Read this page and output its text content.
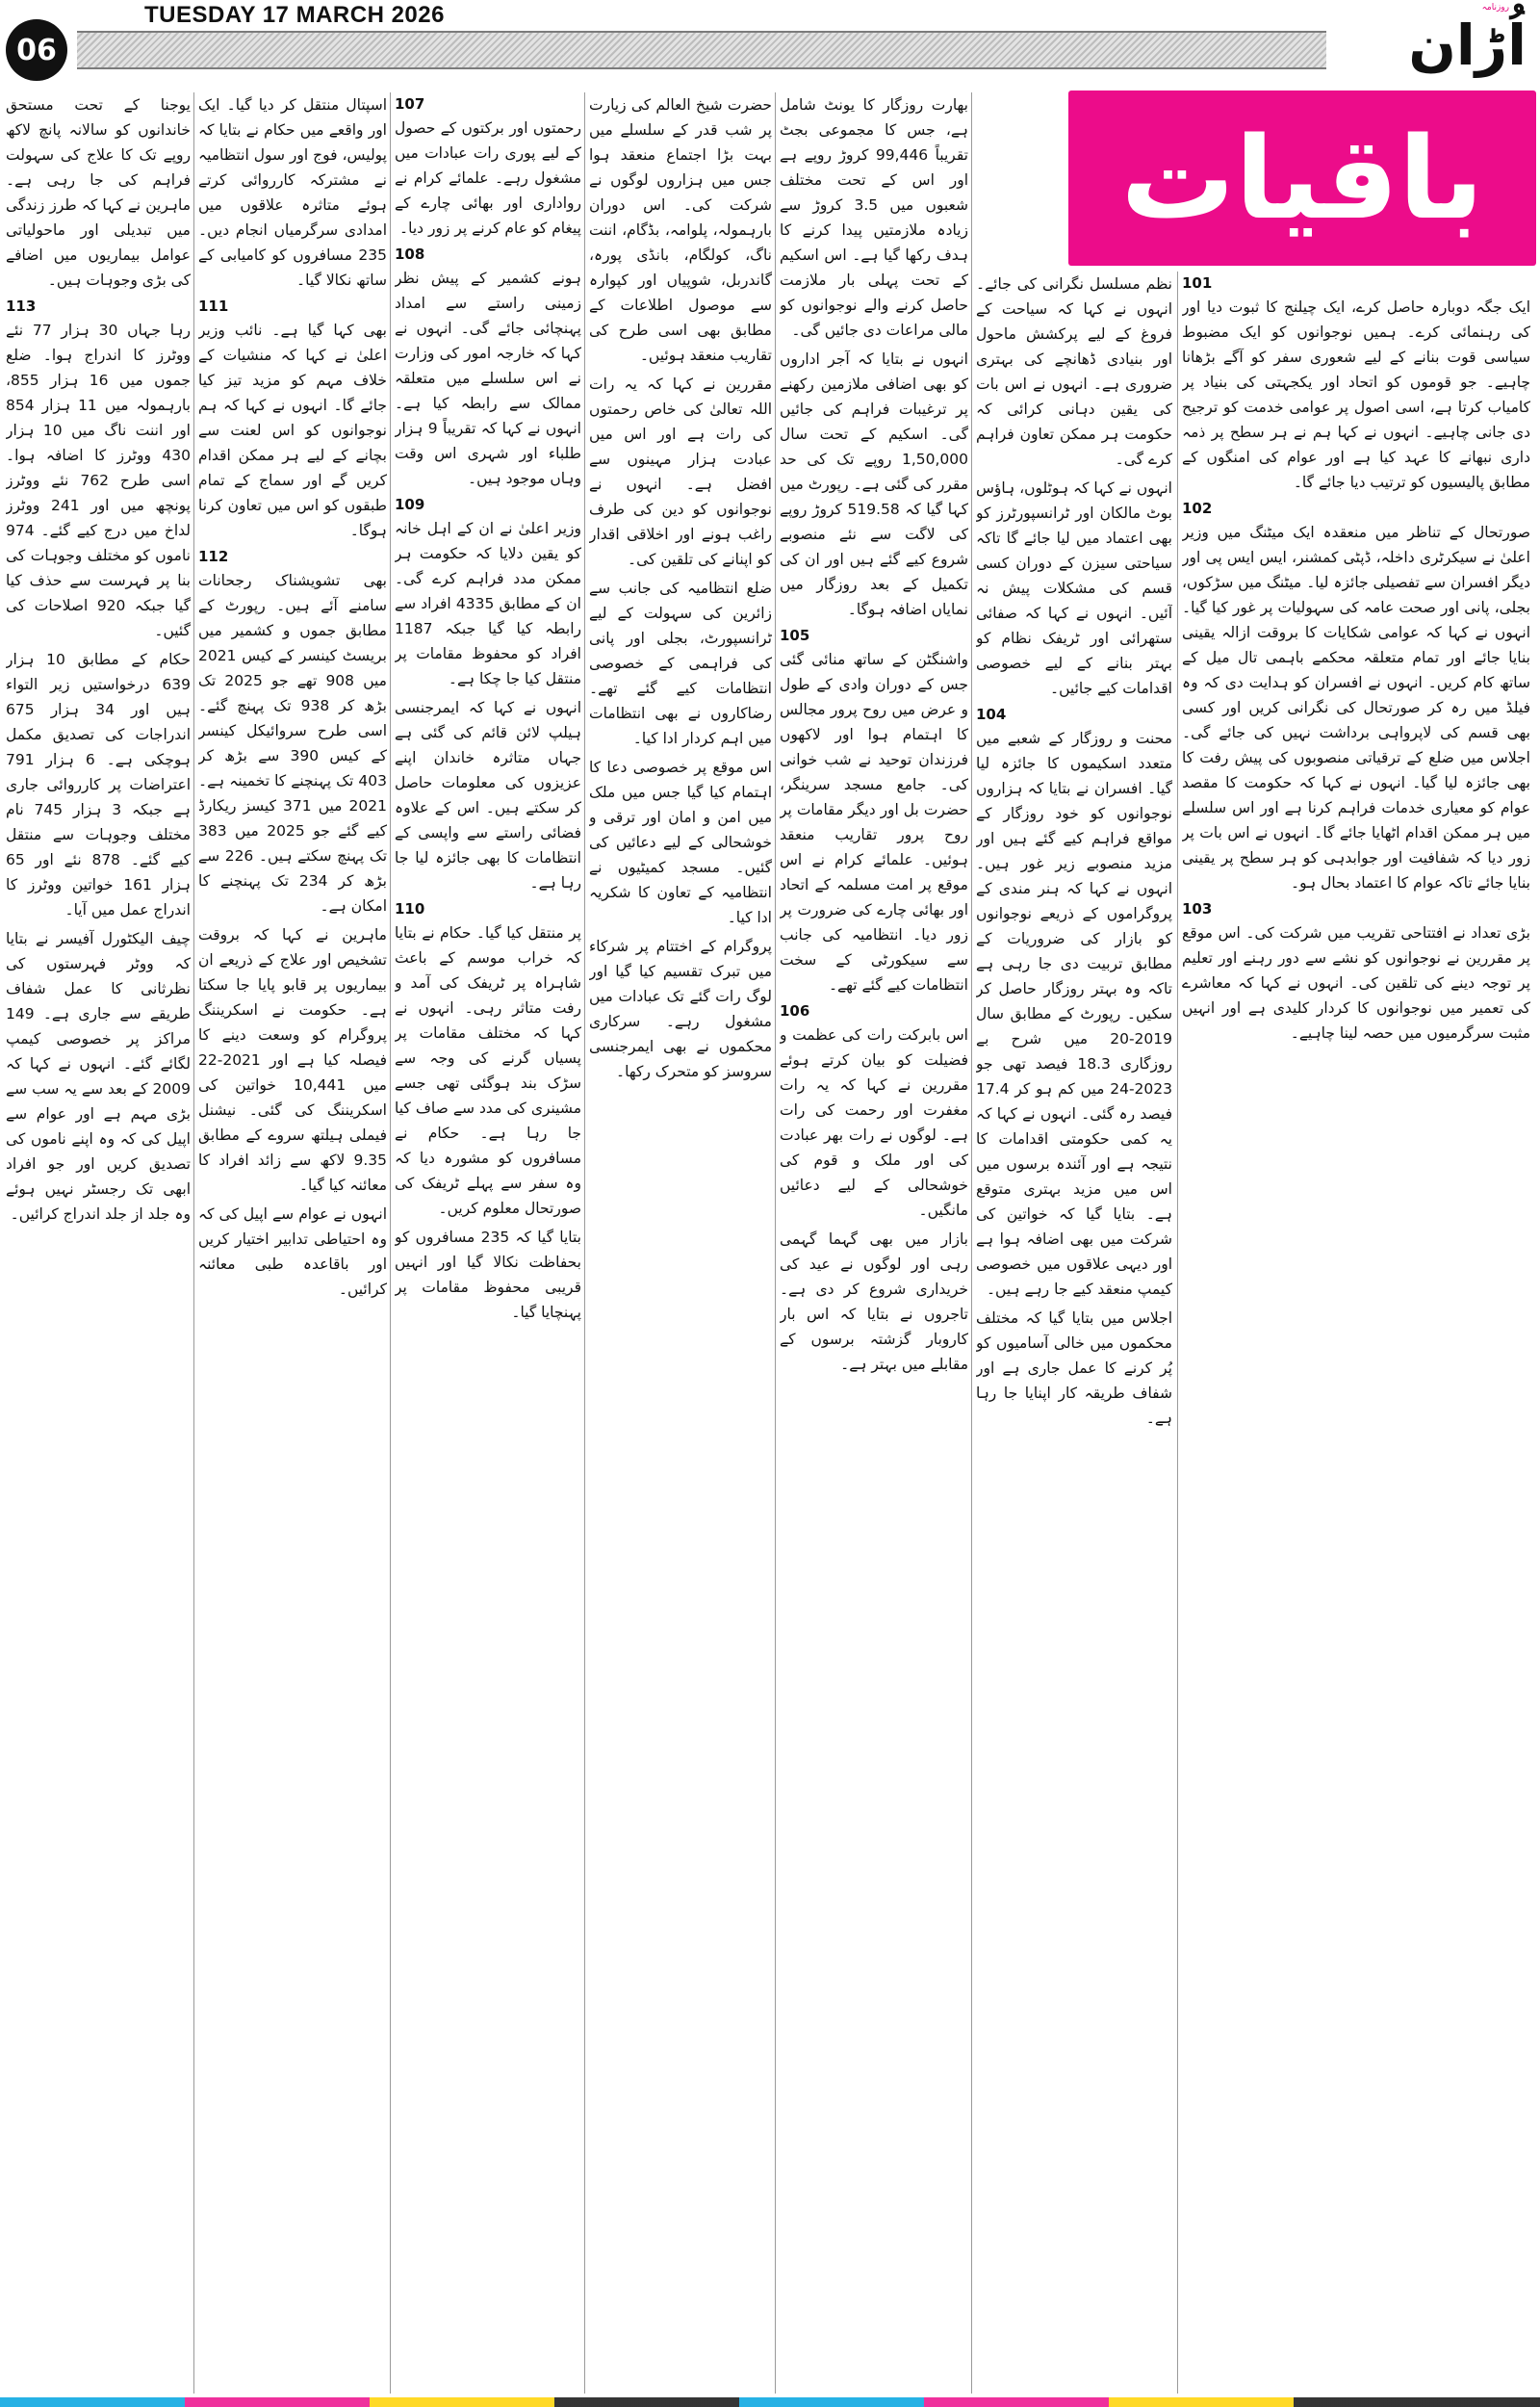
06
TUESDAY 17 MARCH 2026	روزنامہ
اُڑان
باقیات
101

ایک جگہ دوبارہ حاصل کرے، ایک چیلنج کا ثبوت دیا اور کی رہنمائی کرے۔ ہمیں نوجوانوں کو ایک مضبوط سیاسی قوت بنانے کے لیے شعوری سفر کو آگے بڑھانا چاہیے۔ جو قوموں کو اتحاد اور یکجہتی کی بنیاد پر کامیاب کرتا ہے، اسی اصول پر عوامی خدمت کو ترجیح دی جانی چاہیے۔ انہوں نے کہا ہم نے ہر سطح پر ذمہ داری نبھانے کا عہد کیا ہے اور عوام کی امنگوں کے مطابق پالیسیوں کو ترتیب دیا جائے گا۔

102

صورتحال کے تناظر میں منعقدہ ایک میٹنگ میں وزیر اعلیٰ نے سیکرٹری داخلہ، ڈپٹی کمشنر، ایس ایس پی اور دیگر افسران سے تفصیلی جائزہ لیا۔ میٹنگ میں سڑکوں، بجلی، پانی اور صحت عامہ کی سہولیات پر غور کیا گیا۔ انہوں نے کہا کہ عوامی شکایات کا بروقت ازالہ یقینی بنایا جائے اور تمام متعلقہ محکمے باہمی تال میل کے ساتھ کام کریں۔ انہوں نے افسران کو ہدایت دی کہ وہ فیلڈ میں رہ کر صورتحال کی نگرانی کریں اور کسی بھی قسم کی لاپرواہی برداشت نہیں کی جائے گی۔ اجلاس میں ضلع کے ترقیاتی منصوبوں کی پیش رفت کا بھی جائزہ لیا گیا۔ انہوں نے کہا کہ حکومت کا مقصد عوام کو معیاری خدمات فراہم کرنا ہے اور اس سلسلے میں ہر ممکن اقدام اٹھایا جائے گا۔ انہوں نے اس بات پر زور دیا کہ شفافیت اور جوابدہی کو ہر سطح پر یقینی بنایا جائے تاکہ عوام کا اعتماد بحال ہو۔

103

بڑی تعداد نے افتتاحی تقریب میں شرکت کی۔ اس موقع پر مقررین نے نوجوانوں کو نشے سے دور رہنے اور تعلیم پر توجہ دینے کی تلقین کی۔ انہوں نے کہا کہ معاشرے کی تعمیر میں نوجوانوں کا کردار کلیدی ہے اور انہیں مثبت سرگرمیوں میں حصہ لینا چاہیے۔

نظم مسلسل نگرانی کی جائے۔ انہوں نے کہا کہ سیاحت کے فروغ کے لیے پرکشش ماحول اور بنیادی ڈھانچے کی بہتری ضروری ہے۔ انہوں نے اس بات کی یقین دہانی کرائی کہ حکومت ہر ممکن تعاون فراہم کرے گی۔

انہوں نے کہا کہ ہوٹلوں، ہاؤس بوٹ مالکان اور ٹرانسپورٹرز کو بھی اعتماد میں لیا جائے گا تاکہ سیاحتی سیزن کے دوران کسی قسم کی مشکلات پیش نہ آئیں۔ انہوں نے کہا کہ صفائی ستھرائی اور ٹریفک نظام کو بہتر بنانے کے لیے خصوصی اقدامات کیے جائیں۔

104

محنت و روزگار کے شعبے میں متعدد اسکیموں کا جائزہ لیا گیا۔ افسران نے بتایا کہ ہزاروں نوجوانوں کو خود روزگار کے مواقع فراہم کیے گئے ہیں اور مزید منصوبے زیر غور ہیں۔ انہوں نے کہا کہ ہنر مندی کے پروگراموں کے ذریعے نوجوانوں کو بازار کی ضروریات کے مطابق تربیت دی جا رہی ہے تاکہ وہ بہتر روزگار حاصل کر سکیں۔ رپورٹ کے مطابق سال 2019-20 میں شرح بے روزگاری 18.3 فیصد تھی جو 2023-24 میں کم ہو کر 17.4 فیصد رہ گئی۔ انہوں نے کہا کہ یہ کمی حکومتی اقدامات کا نتیجہ ہے اور آئندہ برسوں میں اس میں مزید بہتری متوقع ہے۔ بتایا گیا کہ خواتین کی شرکت میں بھی اضافہ ہوا ہے اور دیہی علاقوں میں خصوصی کیمپ منعقد کیے جا رہے ہیں۔

اجلاس میں بتایا گیا کہ مختلف محکموں میں خالی آسامیوں کو پُر کرنے کا عمل جاری ہے اور شفاف طریقہ کار اپنایا جا رہا ہے۔

بھارت روزگار کا یونٹ شامل ہے، جس کا مجموعی بجٹ تقریباً 99,446 کروڑ روپے ہے اور اس کے تحت مختلف شعبوں میں 3.5 کروڑ سے زیادہ ملازمتیں پیدا کرنے کا ہدف رکھا گیا ہے۔ اس اسکیم کے تحت پہلی بار ملازمت حاصل کرنے والے نوجوانوں کو مالی مراعات دی جائیں گی۔

انہوں نے بتایا کہ آجر اداروں کو بھی اضافی ملازمین رکھنے پر ترغیبات فراہم کی جائیں گی۔ اسکیم کے تحت سال 1,50,000 روپے تک کی حد مقرر کی گئی ہے۔ رپورٹ میں کہا گیا کہ 519.58 کروڑ روپے کی لاگت سے نئے منصوبے شروع کیے گئے ہیں اور ان کی تکمیل کے بعد روزگار میں نمایاں اضافہ ہوگا۔

105

واشنگٹن کے ساتھ منائی گئی جس کے دوران وادی کے طول و عرض میں روح پرور مجالس کا اہتمام ہوا اور لاکھوں فرزندان توحید نے شب خوانی کی۔ جامع مسجد سرینگر، حضرت بل اور دیگر مقامات پر روح پرور تقاریب منعقد ہوئیں۔ علمائے کرام نے اس موقع پر امت مسلمہ کے اتحاد اور بھائی چارے کی ضرورت پر زور دیا۔ انتظامیہ کی جانب سے سیکورٹی کے سخت انتظامات کیے گئے تھے۔

106

اس بابرکت رات کی عظمت و فضیلت کو بیان کرتے ہوئے مقررین نے کہا کہ یہ رات مغفرت اور رحمت کی رات ہے۔ لوگوں نے رات بھر عبادت کی اور ملک و قوم کی خوشحالی کے لیے دعائیں مانگیں۔

بازار میں بھی گہما گہمی رہی اور لوگوں نے عید کی خریداری شروع کر دی ہے۔ تاجروں نے بتایا کہ اس بار کاروبار گزشتہ برسوں کے مقابلے میں بہتر ہے۔

حضرت شیخ العالم کی زیارت پر شب قدر کے سلسلے میں بہت بڑا اجتماع منعقد ہوا جس میں ہزاروں لوگوں نے شرکت کی۔ اس دوران بارہمولہ، پلوامہ، بڈگام، اننت ناگ، کولگام، بانڈی پورہ، گاندربل، شوپیاں اور کپوارہ سے موصول اطلاعات کے مطابق بھی اسی طرح کی تقاریب منعقد ہوئیں۔

مقررین نے کہا کہ یہ رات اللہ تعالیٰ کی خاص رحمتوں کی رات ہے اور اس میں عبادت ہزار مہینوں سے افضل ہے۔ انہوں نے نوجوانوں کو دین کی طرف راغب ہونے اور اخلاقی اقدار کو اپنانے کی تلقین کی۔

ضلع انتظامیہ کی جانب سے زائرین کی سہولت کے لیے ٹرانسپورٹ، بجلی اور پانی کی فراہمی کے خصوصی انتظامات کیے گئے تھے۔ رضاکاروں نے بھی انتظامات میں اہم کردار ادا کیا۔

اس موقع پر خصوصی دعا کا اہتمام کیا گیا جس میں ملک میں امن و امان اور ترقی و خوشحالی کے لیے دعائیں کی گئیں۔ مسجد کمیٹیوں نے انتظامیہ کے تعاون کا شکریہ ادا کیا۔

پروگرام کے اختتام پر شرکاء میں تبرک تقسیم کیا گیا اور لوگ رات گئے تک عبادات میں مشغول رہے۔ سرکاری محکموں نے بھی ایمرجنسی سروسز کو متحرک رکھا۔

107

رحمتوں اور برکتوں کے حصول کے لیے پوری رات عبادات میں مشغول رہے۔ علمائے کرام نے رواداری اور بھائی چارے کے پیغام کو عام کرنے پر زور دیا۔

108

ہونے کشمیر کے پیش نظر زمینی راستے سے امداد پہنچائی جائے گی۔ انہوں نے کہا کہ خارجہ امور کی وزارت نے اس سلسلے میں متعلقہ ممالک سے رابطہ کیا ہے۔ انہوں نے کہا کہ تقریباً 9 ہزار طلباء اور شہری اس وقت وہاں موجود ہیں۔

109

وزیر اعلیٰ نے ان کے اہل خانہ کو یقین دلایا کہ حکومت ہر ممکن مدد فراہم کرے گی۔ ان کے مطابق 4335 افراد سے رابطہ کیا گیا جبکہ 1187 افراد کو محفوظ مقامات پر منتقل کیا جا چکا ہے۔

انہوں نے کہا کہ ایمرجنسی ہیلپ لائن قائم کی گئی ہے جہاں متاثرہ خاندان اپنے عزیزوں کی معلومات حاصل کر سکتے ہیں۔ اس کے علاوہ فضائی راستے سے واپسی کے انتظامات کا بھی جائزہ لیا جا رہا ہے۔

110

پر منتقل کیا گیا۔ حکام نے بتایا کہ خراب موسم کے باعث شاہراہ پر ٹریفک کی آمد و رفت متاثر رہی۔ انہوں نے کہا کہ مختلف مقامات پر پسیاں گرنے کی وجہ سے سڑک بند ہوگئی تھی جسے مشینری کی مدد سے صاف کیا جا رہا ہے۔ حکام نے مسافروں کو مشورہ دیا کہ وہ سفر سے پہلے ٹریفک کی صورتحال معلوم کریں۔

بتایا گیا کہ 235 مسافروں کو بحفاظت نکالا گیا اور انہیں قریبی محفوظ مقامات پر پہنچایا گیا۔

اسپتال منتقل کر دیا گیا۔ ایک اور واقعے میں حکام نے بتایا کہ پولیس، فوج اور سول انتظامیہ نے مشترکہ کارروائی کرتے ہوئے متاثرہ علاقوں میں امدادی سرگرمیاں انجام دیں۔ 235 مسافروں کو کامیابی کے ساتھ نکالا گیا۔

111

بھی کہا گیا ہے۔ نائب وزیر اعلیٰ نے کہا کہ منشیات کے خلاف مہم کو مزید تیز کیا جائے گا۔ انہوں نے کہا کہ ہم نوجوانوں کو اس لعنت سے بچانے کے لیے ہر ممکن اقدام کریں گے اور سماج کے تمام طبقوں کو اس میں تعاون کرنا ہوگا۔

112

بھی تشویشناک رجحانات سامنے آئے ہیں۔ رپورٹ کے مطابق جموں و کشمیر میں بریسٹ کینسر کے کیس 2021 میں 908 تھے جو 2025 تک بڑھ کر 938 تک پہنچ گئے۔ اسی طرح سروائیکل کینسر کے کیس 390 سے بڑھ کر 403 تک پہنچنے کا تخمینہ ہے۔ 2021 میں 371 کیسز ریکارڈ کیے گئے جو 2025 میں 383 تک پہنچ سکتے ہیں۔ 226 سے بڑھ کر 234 تک پہنچنے کا امکان ہے۔

ماہرین نے کہا کہ بروقت تشخیص اور علاج کے ذریعے ان بیماریوں پر قابو پایا جا سکتا ہے۔ حکومت نے اسکریننگ پروگرام کو وسعت دینے کا فیصلہ کیا ہے اور 2021-22 میں 10,441 خواتین کی اسکریننگ کی گئی۔ نیشنل فیملی ہیلتھ سروے کے مطابق 9.35 لاکھ سے زائد افراد کا معائنہ کیا گیا۔

انہوں نے عوام سے اپیل کی کہ وہ احتیاطی تدابیر اختیار کریں اور باقاعدہ طبی معائنہ کرائیں۔

یوجنا کے تحت مستحق خاندانوں کو سالانہ پانچ لاکھ روپے تک کا علاج کی سہولت فراہم کی جا رہی ہے۔ ماہرین نے کہا کہ طرز زندگی میں تبدیلی اور ماحولیاتی عوامل بیماریوں میں اضافے کی بڑی وجوہات ہیں۔

113

رہا جہاں 30 ہزار 77 نئے ووٹرز کا اندراج ہوا۔ ضلع جموں میں 16 ہزار 855، بارہمولہ میں 11 ہزار 854 اور اننت ناگ میں 10 ہزار 430 ووٹرز کا اضافہ ہوا۔ اسی طرح 762 نئے ووٹرز پونچھ میں اور 241 ووٹرز لداخ میں درج کیے گئے۔ 974 ناموں کو مختلف وجوہات کی بنا پر فہرست سے حذف کیا گیا جبکہ 920 اصلاحات کی گئیں۔

حکام کے مطابق 10 ہزار 639 درخواستیں زیر التواء ہیں اور 34 ہزار 675 اندراجات کی تصدیق مکمل ہوچکی ہے۔ 6 ہزار 791 اعتراضات پر کارروائی جاری ہے جبکہ 3 ہزار 745 نام مختلف وجوہات سے منتقل کیے گئے۔ 878 نئے اور 65 ہزار 161 خواتین ووٹرز کا اندراج عمل میں آیا۔

چیف الیکٹورل آفیسر نے بتایا کہ ووٹر فہرستوں کی نظرثانی کا عمل شفاف طریقے سے جاری ہے۔ 149 مراکز پر خصوصی کیمپ لگائے گئے۔ انہوں نے کہا کہ 2009 کے بعد سے یہ سب سے بڑی مہم ہے اور عوام سے اپیل کی کہ وہ اپنے ناموں کی تصدیق کریں اور جو افراد ابھی تک رجسٹر نہیں ہوئے وہ جلد از جلد اندراج کرائیں۔
